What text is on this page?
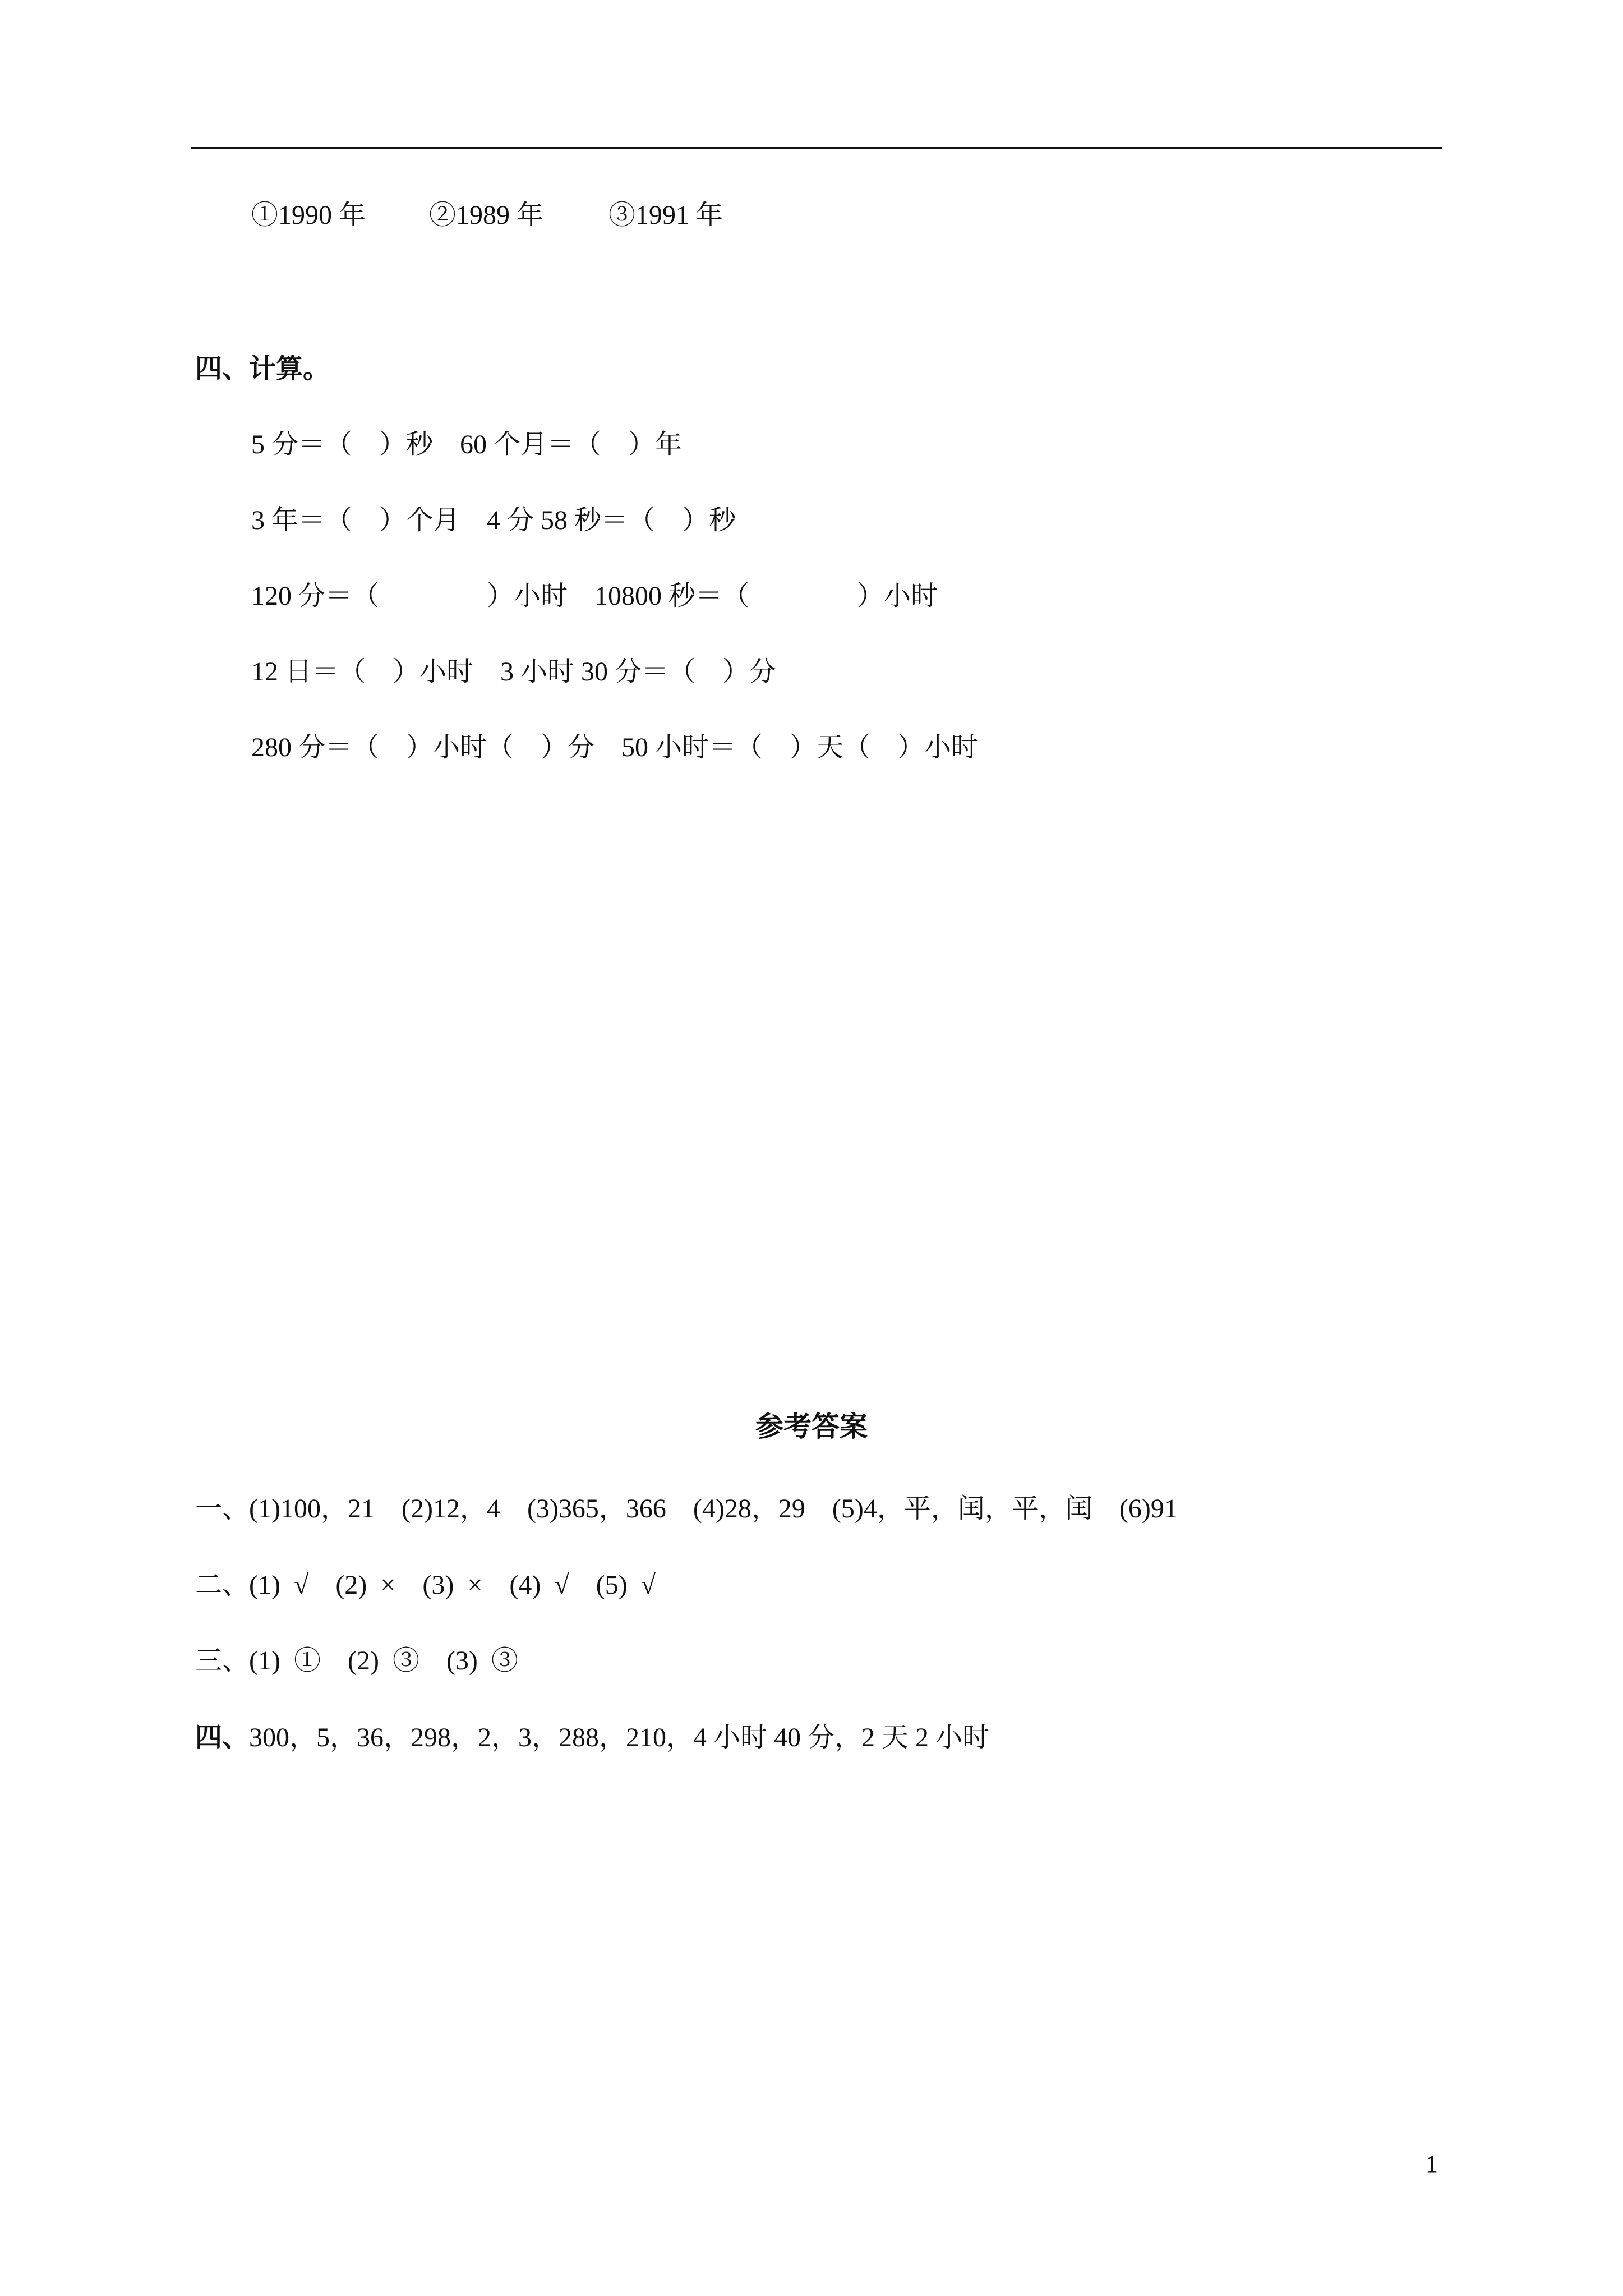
①1990 年 ②1989 年 ③1991 年
四、计算。
5 分＝（    ）秒    60 个月＝（    ）年
3 年＝（    ）个月    4 分 58 秒＝（    ）秒
120 分＝（                ）小时    10800 秒＝（                ）小时
12 日＝（    ）小时    3 小时 30 分＝（    ）分
280 分＝（    ）小时（    ）分    50 小时＝（    ）天（    ）小时
参考答案
一、(1)100，21    (2)12，4    (3)365，366    (4)28，29    (5)4，平，闰，平，闰    (6)91
二、(1)  √    (2)  ×    (3)  ×    (4)  √    (5)  √
三、(1)  ①    (2)  ③    (3)  ③
四、300，5，36，298，2，3，288，210，4 小时 40 分，2 天 2 小时
1
